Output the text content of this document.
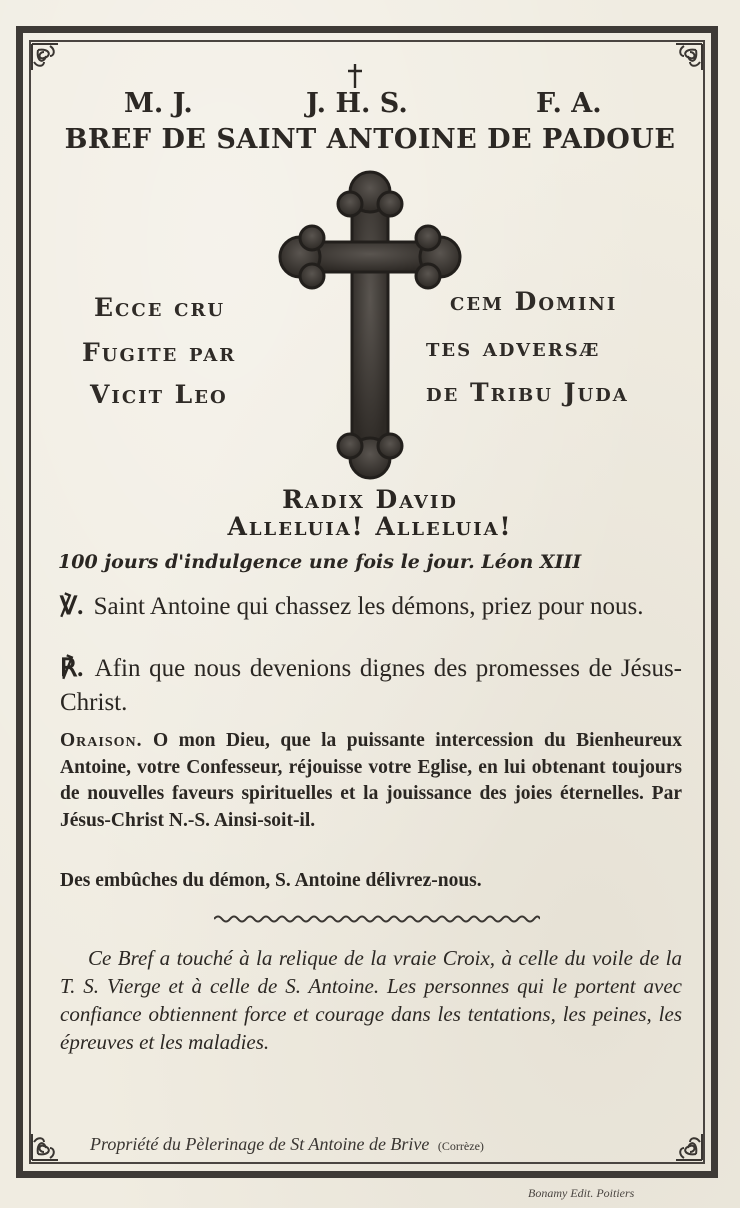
M. J.	J. H. S.	F. A.
BREF DE SAINT ANTOINE DE PADOUE
Ecce cru
Fugite par
Vicit Leo
cem Domini
tes adversæ
de Tribu Juda
Radix David
Alleluia! Alleluia!
100 jours d'indulgence une fois le jour. Léon XIII
℣. Saint Antoine qui chassez les démons, priez pour nous.
℟. Afin que nous devenions dignes des promesses de Jésus-Christ.
Oraison. O mon Dieu, que la puissante intercession du Bienheureux Antoine, votre Confesseur, réjouisse votre Eglise, en lui obtenant toujours de nouvelles faveurs spirituelles et la jouissance des joies éternelles. Par Jésus-Christ N.-S. Ainsi-soit-il.
Des embûches du démon, S. Antoine délivrez-nous.
Ce Bref a touché à la relique de la vraie Croix, à celle du voile de la T. S. Vierge et à celle de S. Antoine. Les personnes qui le portent avec confiance obtiennent force et courage dans les tentations, les peines, les épreuves et les maladies.
Propriété du Pèlerinage de St Antoine de Brive (Corrèze)
Bonamy Edit. Poitiers
